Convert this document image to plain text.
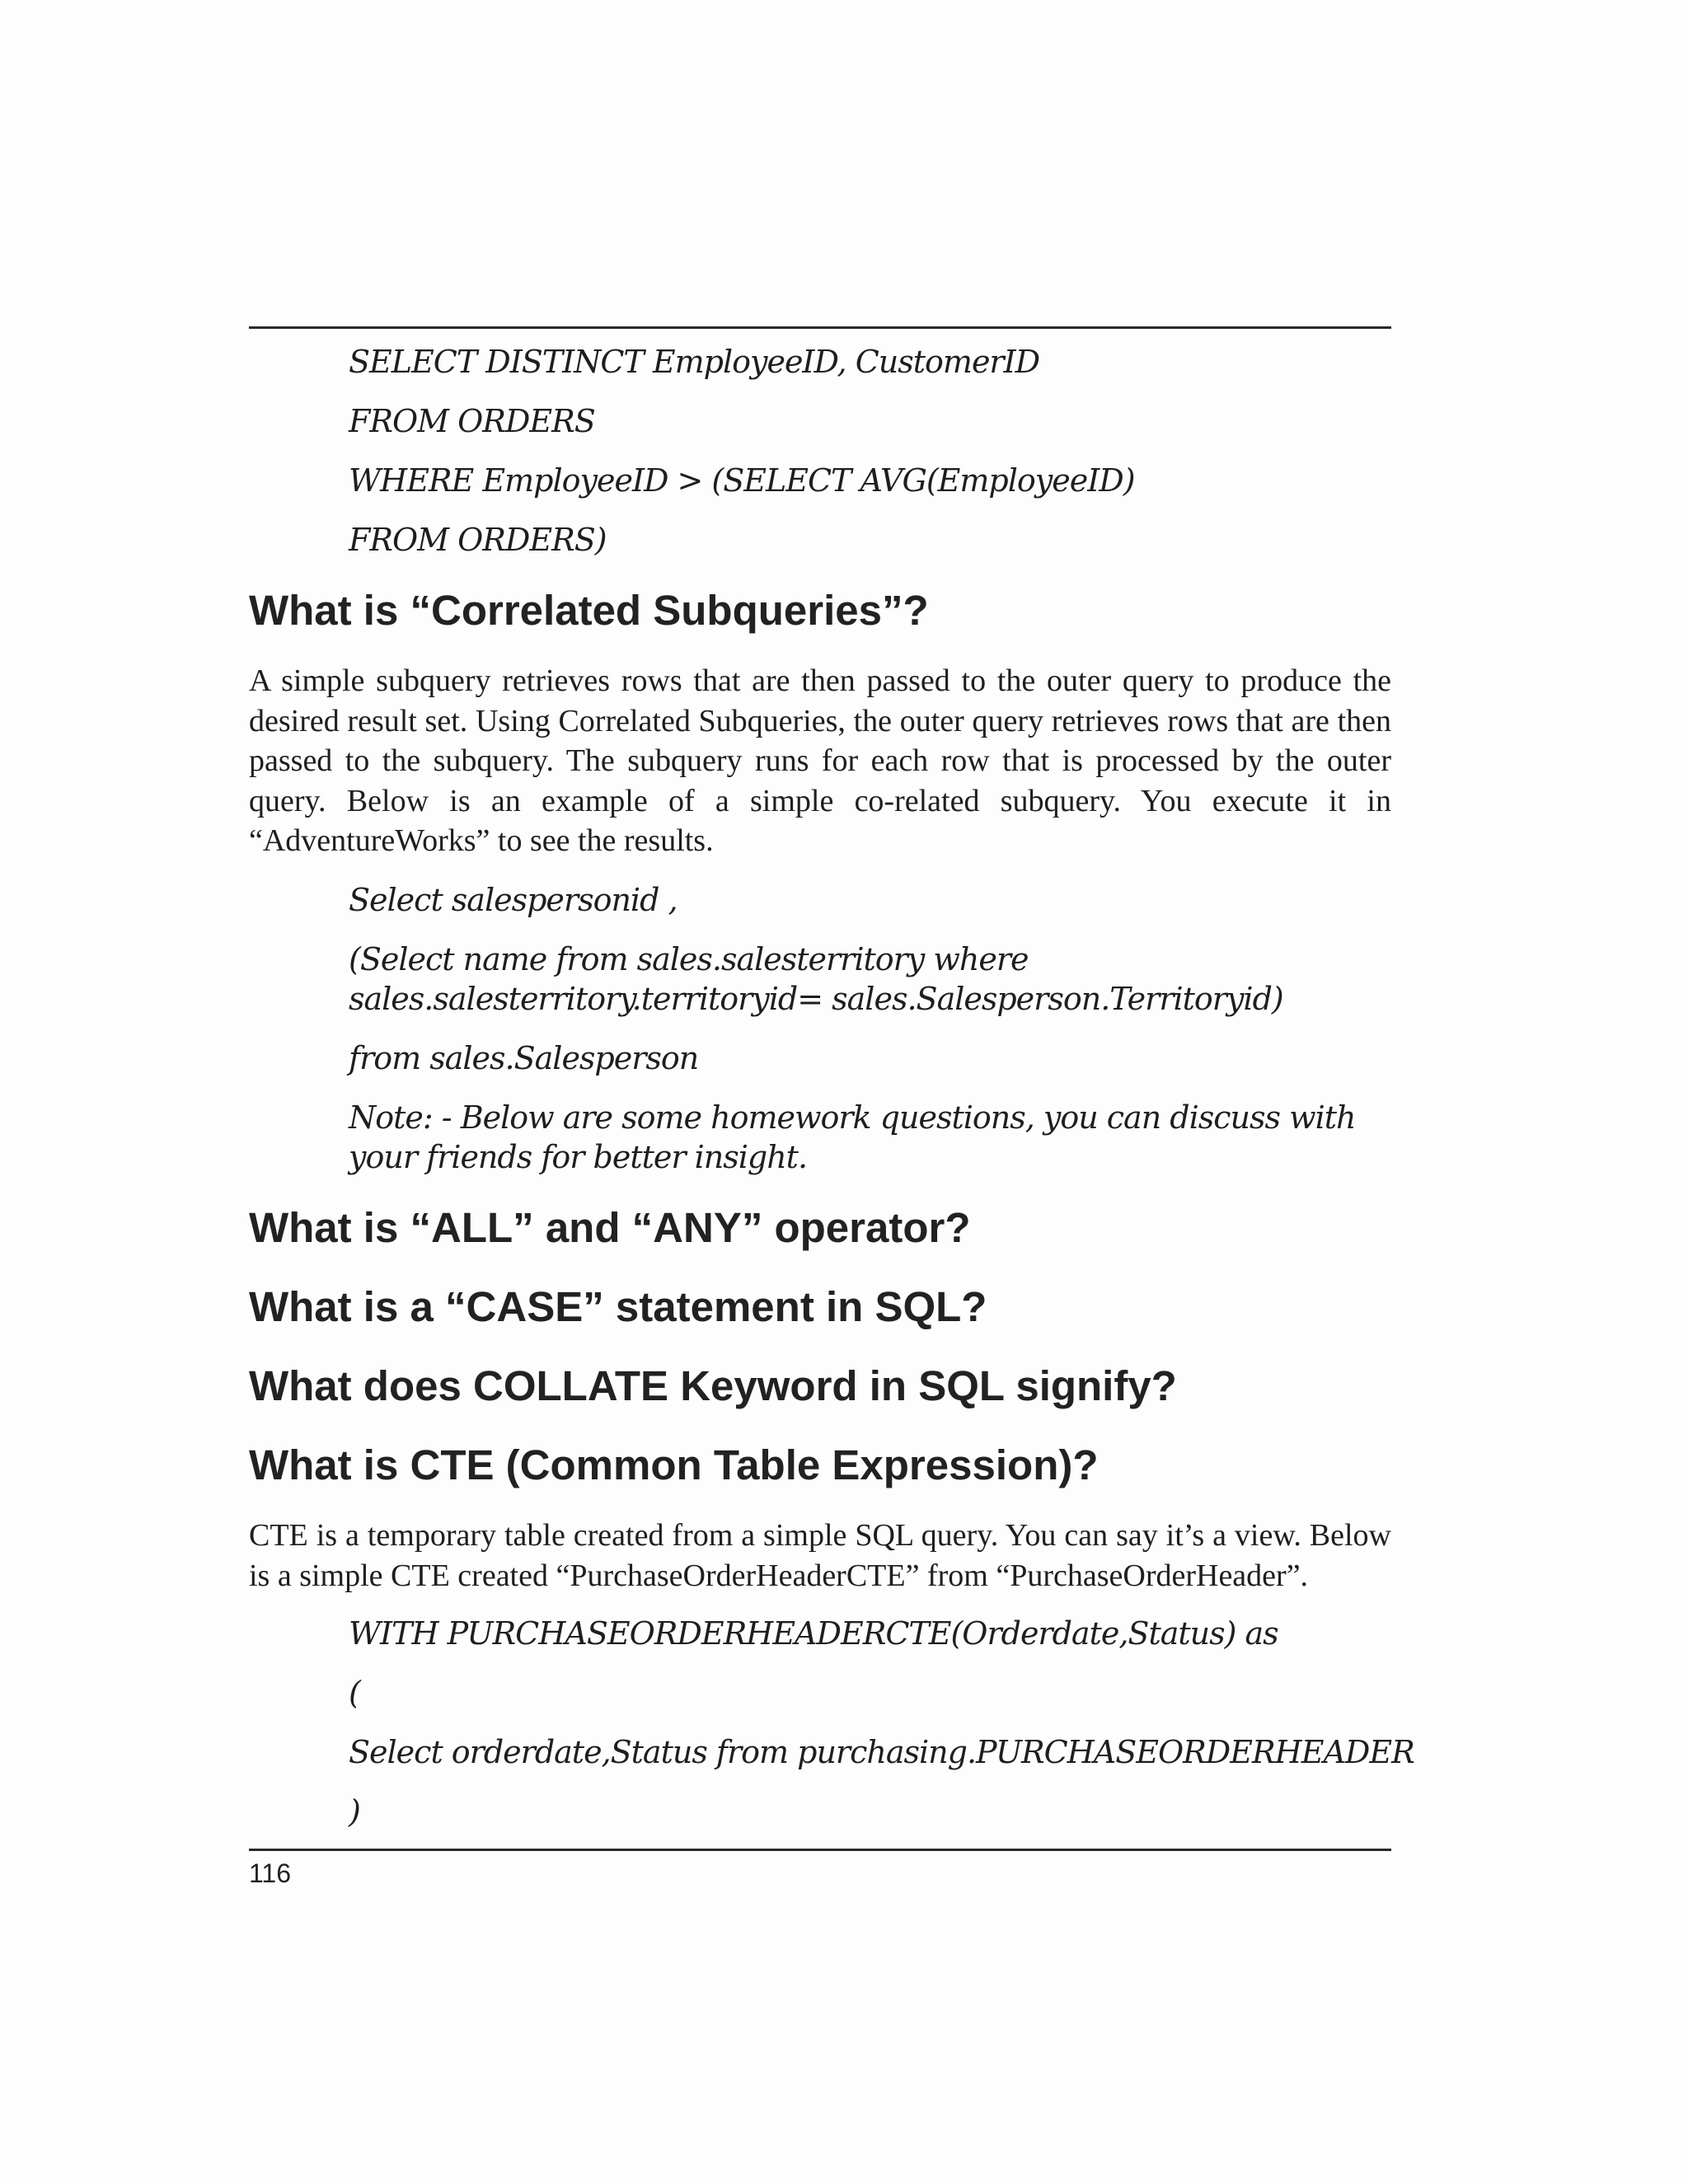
SELECT DISTINCT EmployeeID, CustomerID
FROM ORDERS
WHERE EmployeeID > (SELECT AVG(EmployeeID)
FROM ORDERS)
What is “Correlated Subqueries”?
A simple subquery retrieves rows that are then passed to the outer query to produce the desired result set. Using Correlated Subqueries, the outer query retrieves rows that are then passed to the subquery. The subquery runs for each row that is processed by the outer query. Below is an example of a simple co-related subquery. You execute it in “AdventureWorks” to see the results.
Select salespersonid ,
(Select name from sales.salesterritory where sales.salesterritory.territoryid= sales.Salesperson.Territoryid)
from sales.Salesperson
Note: - Below are some homework questions, you can discuss with your friends for better insight.
What is “ALL” and “ANY” operator?
What is a “CASE” statement in SQL?
What does COLLATE Keyword in SQL signify?
What is CTE (Common Table Expression)?
CTE is a temporary table created from a simple SQL query. You can say it’s a view. Below is a simple CTE created “PurchaseOrderHeaderCTE” from “PurchaseOrderHeader”.
WITH PURCHASEORDERHEADERCTE(Orderdate,Status) as
(
Select orderdate,Status from purchasing.PURCHASEORDERHEADER
)
116
